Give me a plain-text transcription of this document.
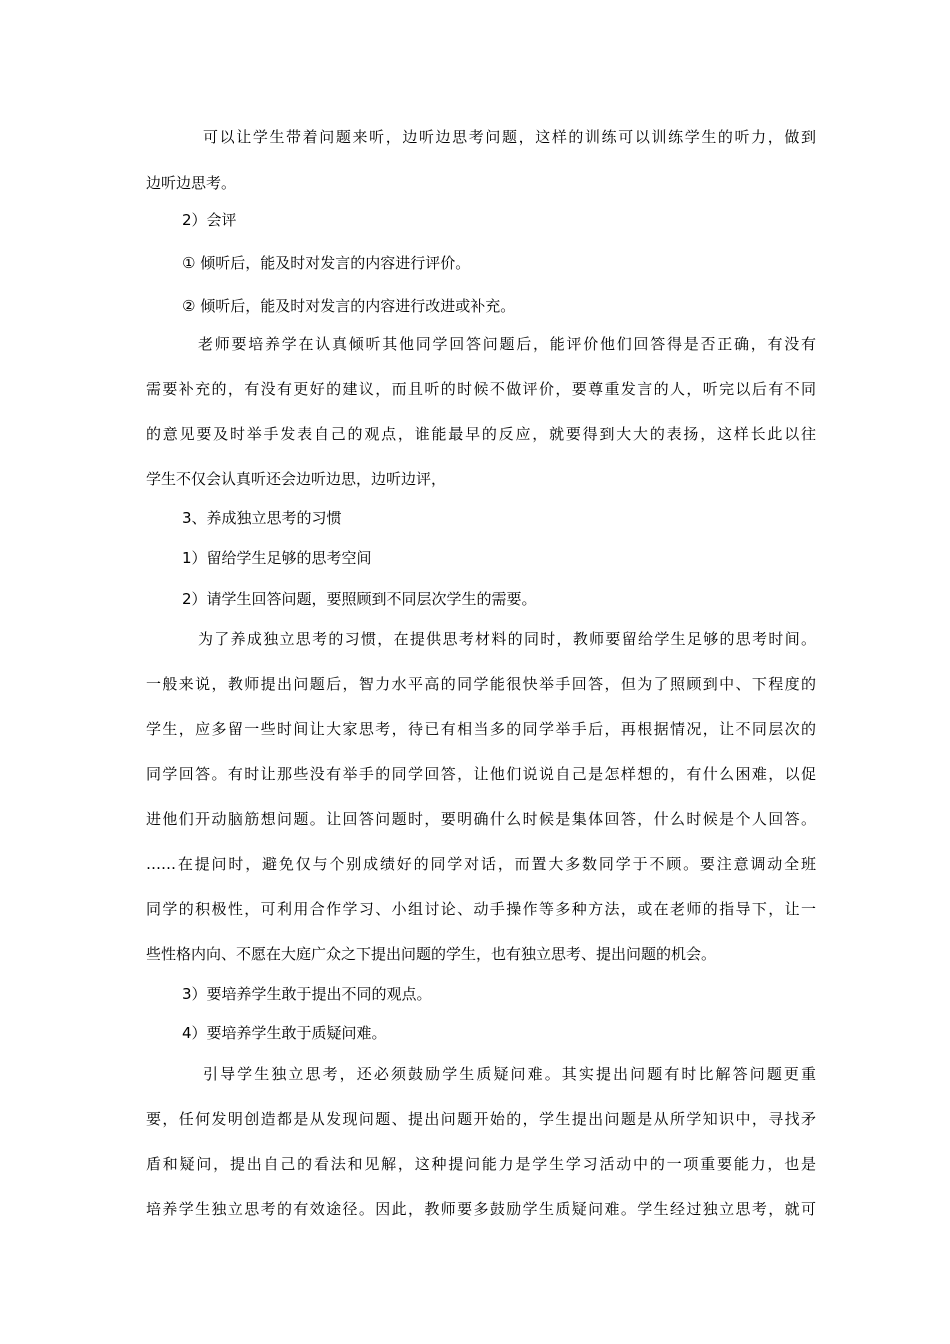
可以让学生带着问题来听，边听边思考问题，这样的训练可以训练学生的听力，做到
边听边思考。
2）会评
① 倾听后，能及时对发言的内容进行评价。
② 倾听后，能及时对发言的内容进行改进或补充。
老师要培养学在认真倾听其他同学回答问题后，能评价他们回答得是否正确，有没有
需要补充的，有没有更好的建议，而且听的时候不做评价，要尊重发言的人，听完以后有不同
的意见要及时举手发表自己的观点，谁能最早的反应，就要得到大大的表扬，这样长此以往
学生不仅会认真听还会边听边思，边听边评，
3、养成独立思考的习惯
1）留给学生足够的思考空间
2）请学生回答问题，要照顾到不同层次学生的需要。
为了养成独立思考的习惯，在提供思考材料的同时，教师要留给学生足够的思考时间。
一般来说，教师提出问题后，智力水平高的同学能很快举手回答，但为了照顾到中、下程度的
学生，应多留一些时间让大家思考，待已有相当多的同学举手后，再根据情况，让不同层次的
同学回答。有时让那些没有举手的同学回答，让他们说说自己是怎样想的，有什么困难，以促
进他们开动脑筋想问题。让回答问题时，要明确什么时候是集体回答，什么时候是个人回答。
……在提问时，避免仅与个别成绩好的同学对话，而置大多数同学于不顾。要注意调动全班
同学的积极性，可利用合作学习、小组讨论、动手操作等多种方法，或在老师的指导下，让一
些性格内向、不愿在大庭广众之下提出问题的学生，也有独立思考、提出问题的机会。
3）要培养学生敢于提出不同的观点。
4）要培养学生敢于质疑问难。
引导学生独立思考，还必须鼓励学生质疑问难。其实提出问题有时比解答问题更重
要，任何发明创造都是从发现问题、提出问题开始的，学生提出问题是从所学知识中，寻找矛
盾和疑问，提出自己的看法和见解，这种提问能力是学生学习活动中的一项重要能力，也是
培养学生独立思考的有效途径。因此，教师要多鼓励学生质疑问难。学生经过独立思考，就可
